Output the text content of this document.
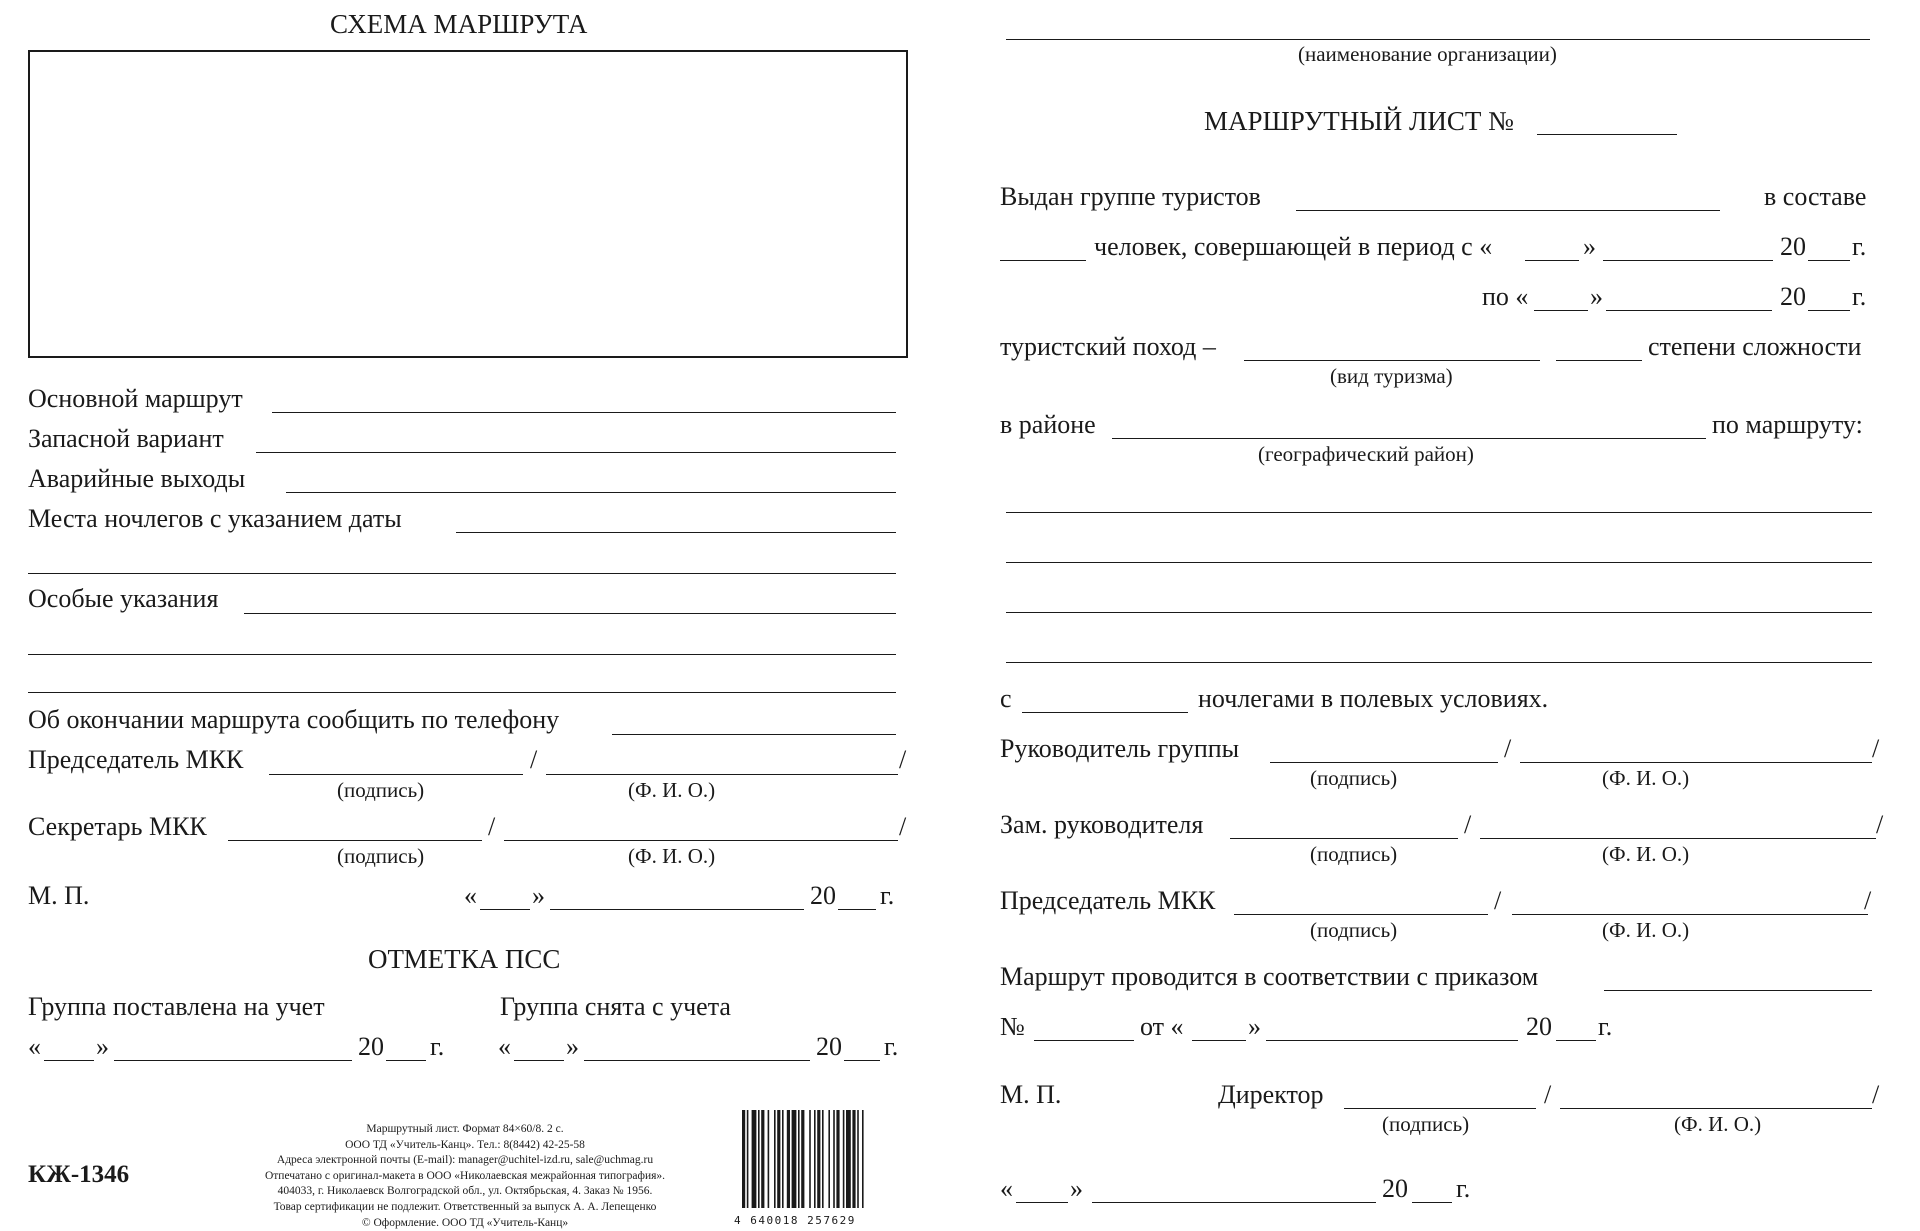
СХЕМА МАРШРУТА
Основной маршрут
Запасной вариант
Аварийные выходы
Места ночлегов с указанием даты
Особые указания
Об окончании маршрута сообщить по телефону
Председатель МКК	/	/
(подпись)	(Ф. И. О.)
Секретарь МКК	/	/
(подпись)	(Ф. И. О.)
М. П.	« »	20 г.
ОТМЕТКА ПСС
Группа поставлена на учет	Группа снята с учета
« »	20 г. « »	20 г.
КЖ-1346
Маршрутный лист. Формат 84×60/8. 2 с.
ООО ТД «Учитель-Канц». Тел.: 8(8442) 42-25-58
Адреса электронной почты (E-mail): manager@uchitel-izd.ru, sale@uchmag.ru
Отпечатано с оригинал-макета в ООО «Николаевская межрайонная типография».
404033, г. Николаевск Волгоградской обл., ул. Октябрьская, 4. Заказ № 1956.
Товар сертификации не подлежит. Ответственный за выпуск А. А. Лепещенко
© Оформление. ООО ТД «Учитель-Канц»	4 640018 257629
(наименование организации)
МАРШРУТНЫЙ ЛИСТ №
Выдан группе туристов	в составе
человек, совершающей в период с «	»	20 г.
по « »	20 г.
туристский поход –	степени сложности
(вид туризма)
в районе	по маршруту:
(географический район)
с	ночлегами в полевых условиях.
Руководитель группы	/	/
(подпись)	(Ф. И. О.)
Зам. руководителя	/	/
(подпись)	(Ф. И. О.)
Председатель МКК	/	/
(подпись)	(Ф. И. О.)
Маршрут проводится в соответствии с приказом
№	от « »	20 г.
М. П.	Директор	/	/
(подпись)	(Ф. И. О.)
« »	20 г.
